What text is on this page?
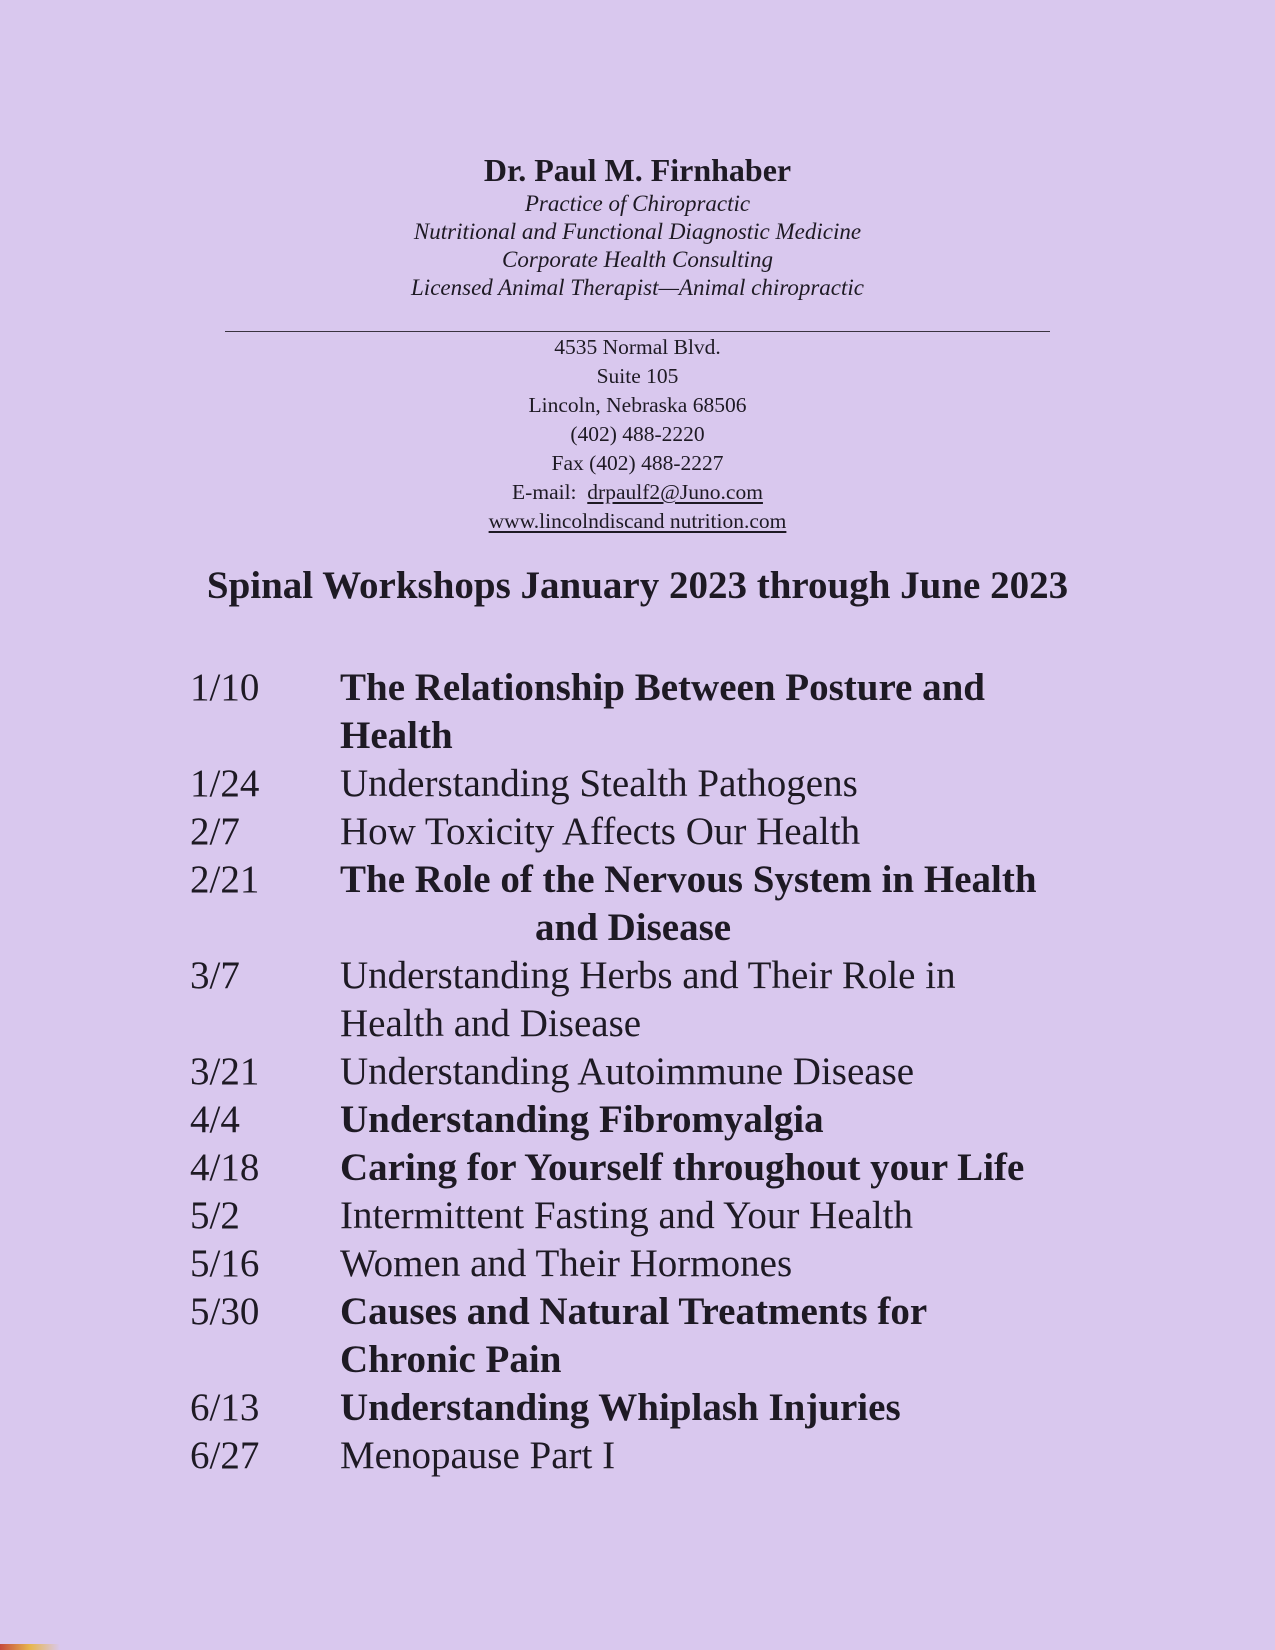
Dr. Paul M. Firnhaber

Practice of Chiropractic

Nutritional and Functional Diagnostic Medicine

Corporate Health Consulting

Licensed Animal Therapist—Animal chiropractic

4535 Normal Blvd.
Suite 105
Lincoln, Nebraska 68506
(402) 488-2220
Fax (402) 488-2227
E-mail: drpaulf2@Juno.com
www.lincolndiscand nutrition.com
Spinal Workshops January 2023 through June 2023
1/10	The Relationship Between Posture and
Health
1/24	Understanding Stealth Pathogens
2/7	How Toxicity Affects Our Health
2/21	The Role of the Nervous System in Health
and Disease
3/7	Understanding Herbs and Their Role in
Health and Disease
3/21	Understanding Autoimmune Disease
4/4	Understanding Fibromyalgia
4/18	Caring for Yourself throughout your Life
5/2	Intermittent Fasting and Your Health
5/16	Women and Their Hormones
5/30	Causes and Natural Treatments for
Chronic Pain
6/13	Understanding Whiplash Injuries
6/27	Menopause Part I
